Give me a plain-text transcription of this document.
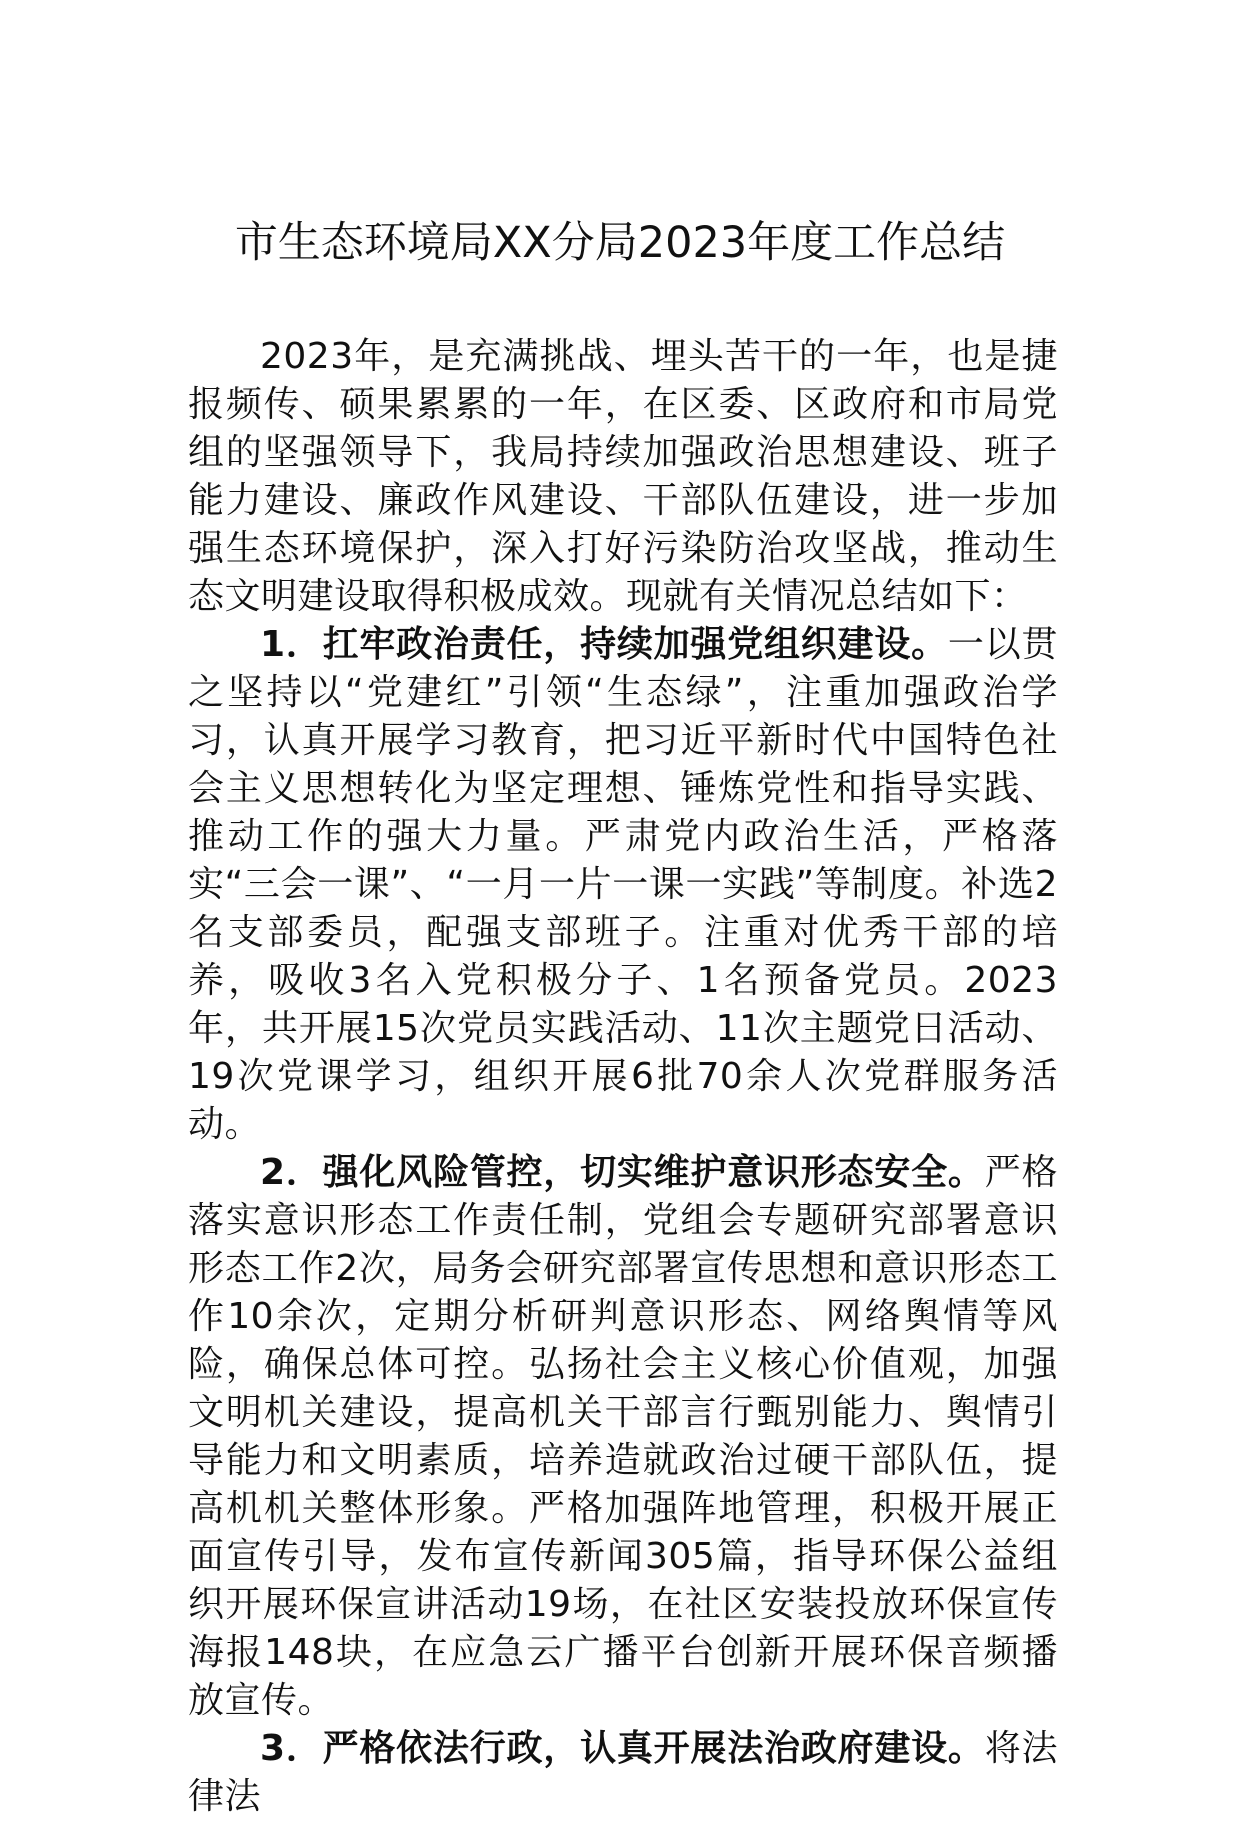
市生态环境局XX分局2023年度工作总结

2023年，是充满挑战、埋头苦干的一年，也是捷报频传、硕果累累的一年，在区委、区政府和市局党组的坚强领导下，我局持续加强政治思想建设、班子能力建设、廉政作风建设、干部队伍建设，进一步加强生态环境保护，深入打好污染防治攻坚战，推动生态文明建设取得积极成效。现就有关情况总结如下：

1．扛牢政治责任，持续加强党组织建设。一以贯之坚持以“党建红”引领“生态绿”，注重加强政治学习，认真开展学习教育，把习近平新时代中国特色社会主义思想转化为坚定理想、锤炼党性和指导实践、推动工作的强大力量。严肃党内政治生活，严格落实“三会一课”、“一月一片一课一实践”等制度。补选2名支部委员，配强支部班子。注重对优秀干部的培养，吸收3名入党积极分子、1名预备党员。2023年，共开展15次党员实践活动、11次主题党日活动、19次党课学习，组织开展6批70余人次党群服务活动。

2．强化风险管控，切实维护意识形态安全。严格落实意识形态工作责任制，党组会专题研究部署意识形态工作2次，局务会研究部署宣传思想和意识形态工作10余次，定期分析研判意识形态、网络舆情等风险，确保总体可控。弘扬社会主义核心价值观，加强文明机关建设，提高机关干部言行甄别能力、舆情引导能力和文明素质，培养造就政治过硬干部队伍，提高机机关整体形象。严格加强阵地管理，积极开展正面宣传引导，发布宣传新闻305篇，指导环保公益组织开展环保宣讲活动19场，在社区安装投放环保宣传海报148块，在应急云广播平台创新开展环保音频播放宣传。

3．严格依法行政，认真开展法治政府建设。将法律法
